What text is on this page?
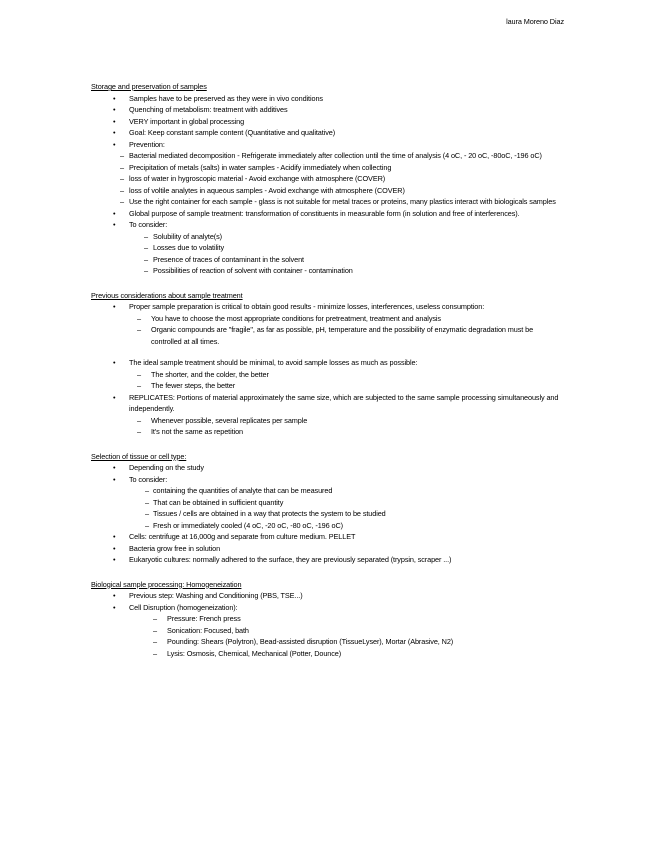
laura Moreno Diaz

Storage and preservation of samples

• Samples have to be preserved as they were in vivo conditions
• Quenching of metabolism: treatment with additives
• VERY important in global processing
• Goal: Keep constant sample content (Quantitative and qualitative)
• Prevention:
– Bacterial mediated decomposition - Refrigerate immediately after collection until the time of analysis (4 oC, - 20 oC, -80oC, -196 oC)
– Precipitation of metals (salts) in water samples - Acidify immediately when collecting
– loss of water in hygroscopic material - Avoid exchange with atmosphere (COVER)
– loss of voltile analytes in aqueous samples - Avoid exchange with atmosphere (COVER)
– Use the right container for each sample - glass is not suitable for metal traces or proteins, many plastics interact with biologicals samples
• Global purpose of sample treatment: transformation of constituents in measurable form (in solution and free of interferences).
• To consider:
– Solubility of analyte(s)
– Losses due to volatility
– Presence of traces of contaminant in the solvent
– Possibilities of reaction of solvent with container - contamination

Previous considerations about sample treatment

• Proper sample preparation is critical to obtain good results - minimize losses, interferences, useless consumption:
– You have to choose the most appropriate conditions for pretreatment, treatment and analysis
– Organic compounds are "fragile", as far as possible, pH, temperature and the possibility of enzymatic degradation must be controlled at all times.
• The ideal sample treatment should be minimal, to avoid sample losses as much as possible:
– The shorter, and the colder, the better
– The fewer steps, the better
• REPLICATES: Portions of material approximately the same size, which are subjected to the same sample processing simultaneously and independently.
– Whenever possible, several replicates per sample
– It's not the same as repetition

Selection of tissue or cell type:

• Depending on the study
• To consider:
– containing the quantities of analyte that can be measured
– That can be obtained in sufficient quantity
– Tissues / cells are obtained in a way that protects the system to be studied
– Fresh or immediately cooled (4 oC, -20 oC, -80 oC, -196 oC)
• Cells: centrifuge at 16,000g and separate from culture medium. PELLET
• Bacteria grow free in solution
• Eukaryotic cultures: normally adhered to the surface, they are previously separated (trypsin, scraper ...)

Biological sample processing: Homogeneization

• Previous step: Washing and Conditioning (PBS, TSE...)
• Cell Disruption (homogeneization):
– Pressure: French press
– Sonication: Focused, bath
– Pounding: Shears (Polytron), Bead-assisted disruption (TissueLyser), Mortar (Abrasive, N2)
– Lysis: Osmosis, Chemical, Mechanical (Potter, Dounce)
